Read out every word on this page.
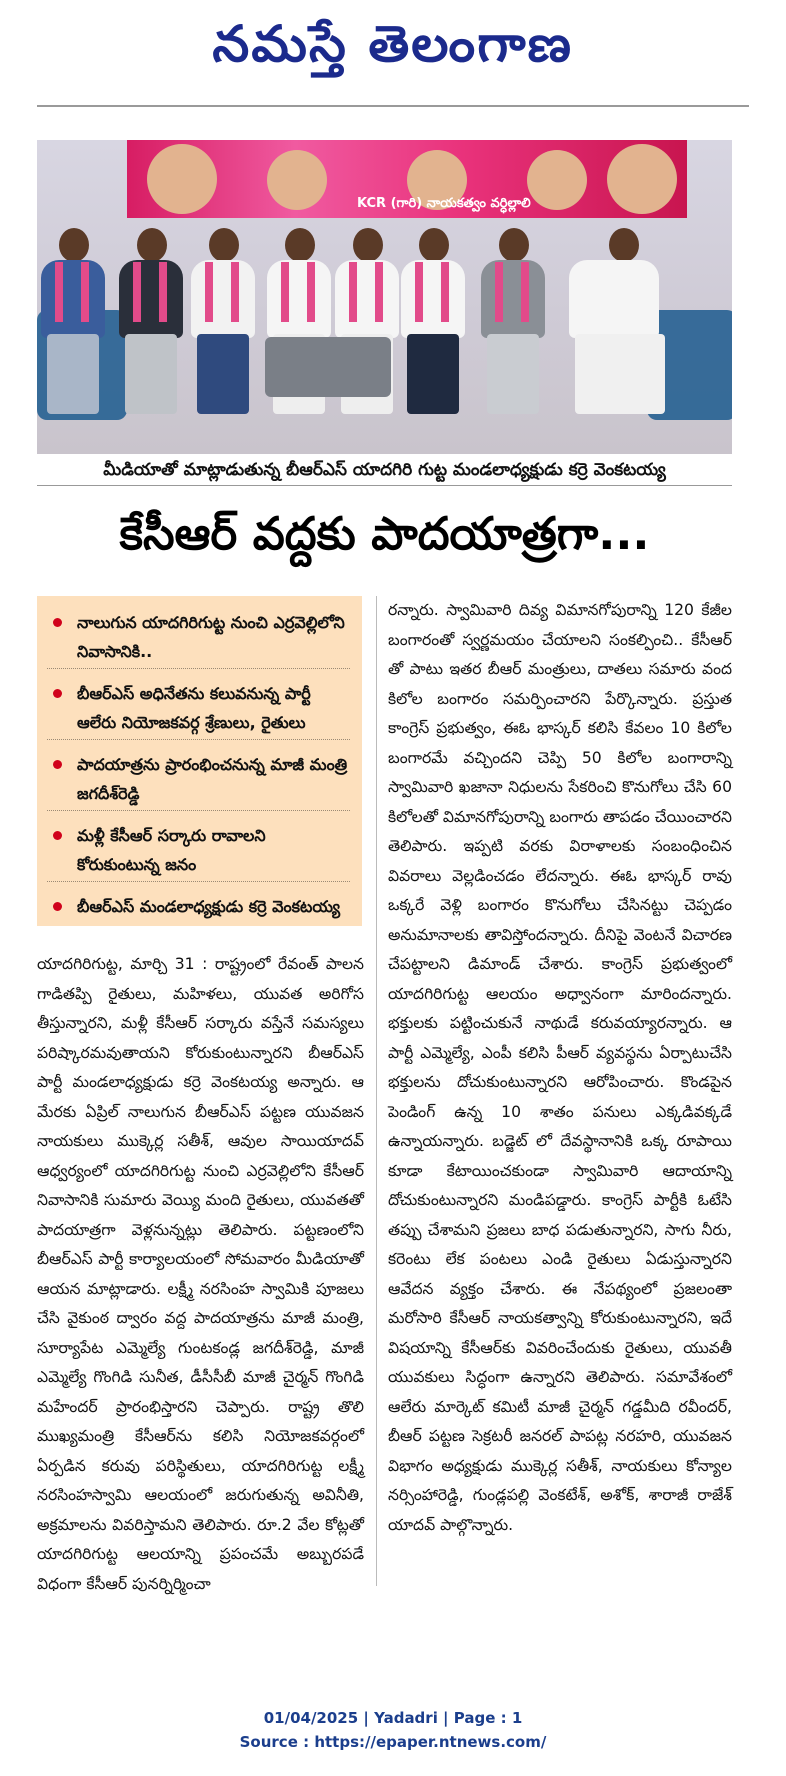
నమస్తే తెలంగాణ
KCR (గారి) నాయకత్వం వర్ధిల్లాలి
మీడియాతో మాట్లాడుతున్న బీఆర్ఎస్ యాదగిరి గుట్ట మండలాధ్యక్షుడు కర్రె వెంకటయ్య
కేసీఆర్ వద్దకు పాదయాత్రగా...
నాలుగున యాదగిరిగుట్ట నుంచి ఎర్రవెల్లిలోని నివాసానికి..
బీఆర్ఎస్ అధినేతను కలువనున్న పార్టీ ఆలేరు నియోజకవర్గ శ్రేణులు, రైతులు
పాదయాత్రను ప్రారంభించనున్న మాజీ మంత్రి జగదీశ్‌రెడ్డి
మళ్లీ కేసీఆర్ సర్కారు రావాలని కోరుకుంటున్న జనం
బీఆర్ఎస్ మండలాధ్యక్షుడు కర్రె వెంకటయ్య
యాదగిరిగుట్ట, మార్చి 31 : రాష్ట్రంలో రేవంత్ పాలన గాడితప్పి రైతులు, మహిళలు, యువత అరిగోస తీస్తున్నారని, మళ్లీ కేసీఆర్ సర్కారు వస్తేనే సమస్యలు పరిష్కారమవుతాయని కోరుకుంటున్నారని బీఆర్ఎస్ పార్టీ మండలాధ్యక్షుడు కర్రె వెంకటయ్య అన్నారు. ఆ మేరకు ఏప్రిల్ నాలుగున బీఆర్ఎస్ పట్టణ యువజన నాయకులు ముక్కెర్ల సతీశ్, ఆవుల సాయియాదవ్ ఆధ్వర్యంలో యాదగిరిగుట్ట నుంచి ఎర్రవెల్లిలోని కేసీఆర్ నివాసానికి సుమారు వెయ్యి మంది రైతులు, యువతతో పాదయాత్రగా వెళ్లనున్నట్లు తెలిపారు. పట్టణంలోని బీఆర్ఎస్ పార్టీ కార్యాలయంలో సోమవారం మీడియాతో ఆయన మాట్లాడారు. లక్ష్మీ నరసింహ స్వామికి పూజలు చేసి వైకుంఠ ద్వారం వద్ద పాదయాత్రను మాజీ మంత్రి, సూర్యాపేట ఎమ్మెల్యే గుంటకండ్ల జగదీశ్‌రెడ్డి, మాజీ ఎమ్మెల్యే గొంగిడి సునీత, డీసీసీబీ మాజీ చైర్మన్ గొంగిడి మహేందర్ ప్రారంభిస్తారని చెప్పారు. రాష్ట్ర తొలి ముఖ్యమంత్రి కేసీఆర్‌ను కలిసి నియోజకవర్గంలో ఏర్పడిన కరువు పరిస్థితులు, యాదగిరిగుట్ట లక్ష్మీ నరసింహస్వామి ఆలయంలో జరుగుతున్న అవినీతి, అక్రమాలను వివరిస్తామని తెలిపారు. రూ.2 వేల కోట్లతో యాదగిరిగుట్ట ఆలయాన్ని ప్రపంచమే అబ్బురపడే విధంగా కేసీఆర్ పునర్నిర్మించా
రన్నారు. స్వామివారి దివ్య విమానగోపురాన్ని 120 కేజీల బంగారంతో స్వర్ణమయం చేయాలని సంకల్పించి.. కేసీఆర్ తో పాటు ఇతర బీఆర్ మంత్రులు, దాతలు సమారు వంద కిలోల బంగారం సమర్పించారని పేర్కొన్నారు. ప్రస్తుత కాంగ్రెస్ ప్రభుత్వం, ఈఓ భాస్కర్ కలిసి కేవలం 10 కిలోల బంగారమే వచ్చిందని చెప్పి 50 కిలోల బంగారాన్ని స్వామివారి ఖజానా నిధులను సేకరించి కొనుగోలు చేసి 60 కిలోలతో విమానగోపురాన్ని బంగారు తాపడం చేయించారని తెలిపారు. ఇప్పటి వరకు విరాళాలకు సంబంధించిన వివరాలు వెల్లడించడం లేదన్నారు. ఈఓ భాస్కర్ రావు ఒక్కరే వెళ్లి బంగారం కొనుగోలు చేసినట్టు చెప్పడం అనుమానాలకు తావిస్తోందన్నారు. దీనిపై వెంటనే విచారణ చేపట్టాలని డిమాండ్ చేశారు. కాంగ్రెస్ ప్రభుత్వంలో యాదగిరిగుట్ట ఆలయం అధ్వానంగా మారిందన్నారు. భక్తులకు పట్టించుకునే నాథుడే కరువయ్యారన్నారు. ఆ పార్టీ ఎమ్మెల్యే, ఎంపీ కలిసి పీఆర్ వ్యవస్థను ఏర్పాటుచేసి భక్తులను దోచుకుంటున్నారని ఆరోపించారు. కొండపైన పెండింగ్ ఉన్న 10 శాతం పనులు ఎక్కడివక్కడే ఉన్నాయన్నారు. బడ్జెట్ లో దేవస్థానానికి ఒక్క రూపాయి కూడా కేటాయించకుండా స్వామివారి ఆదాయాన్ని దోచుకుంటున్నారని మండిపడ్డారు. కాంగ్రెస్ పార్టీకి ఓటేసి తప్పు చేశామని ప్రజలు బాధ పడుతున్నారని, సాగు నీరు, కరెంటు లేక పంటలు ఎండి రైతులు ఏడుస్తున్నారని ఆవేదన వ్యక్తం చేశారు. ఈ నేపథ్యంలో ప్రజలంతా మరోసారి కేసీఆర్ నాయకత్వాన్ని కోరుకుంటున్నారని, ఇదే విషయాన్ని కేసీఆర్‌కు వివరించేందుకు రైతులు, యువతీ యువకులు సిద్ధంగా ఉన్నారని తెలిపారు. సమావేశంలో ఆలేరు మార్కెట్ కమిటీ మాజీ చైర్మన్ గడ్డమీది రవీందర్, బీఆర్ పట్టణ సెక్రటరీ జనరల్ పాపట్ల నరహరి, యువజన విభాగం అధ్యక్షుడు ముక్కెర్ల సతీశ్, నాయకులు కోన్యాల నర్సింహారెడ్డి, గుండ్లపల్లి వెంకటేశ్, అశోక్, శారాజీ రాజేశ్ యాదవ్ పాల్గొన్నారు.
01/04/2025 | Yadadri | Page : 1
Source : https://epaper.ntnews.com/
